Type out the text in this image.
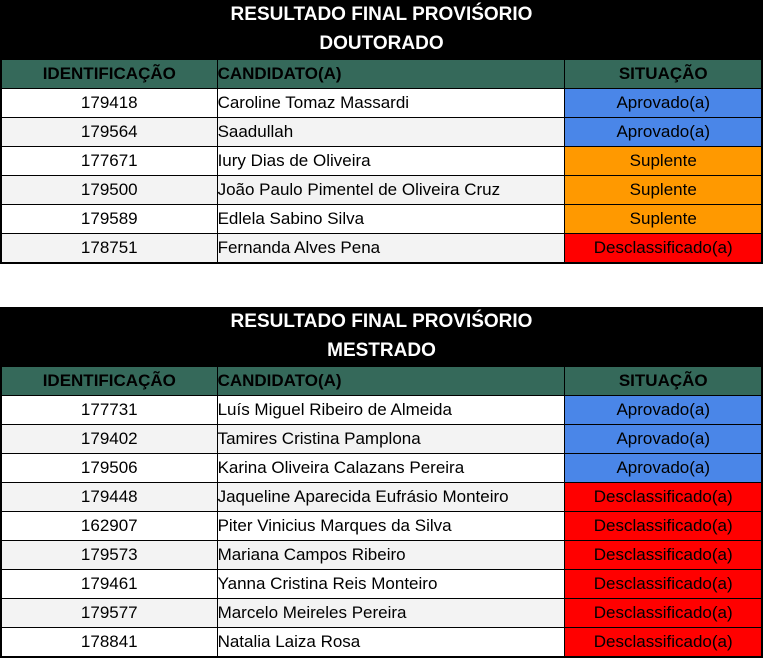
RESULTADO FINAL PROVIŚORIO
DOUTORADO
IDENTIFICAÇÃO	CANDIDATO(A)	SITUAÇÃO
179418	Caroline Tomaz Massardi	Aprovado(a)
179564	Saadullah	Aprovado(a)
177671	Iury Dias de Oliveira	Suplente
179500	João Paulo Pimentel de Oliveira Cruz	Suplente
179589	Edlela Sabino Silva	Suplente
178751	Fernanda Alves Pena	Desclassificado(a)
RESULTADO FINAL PROVIŚORIO
MESTRADO
IDENTIFICAÇÃO	CANDIDATO(A)	SITUAÇÃO
177731	Luís Miguel Ribeiro de Almeida	Aprovado(a)
179402	Tamires Cristina Pamplona	Aprovado(a)
179506	Karina Oliveira Calazans Pereira	Aprovado(a)
179448	Jaqueline Aparecida Eufrásio Monteiro	Desclassificado(a)
162907	Piter Vinicius Marques da Silva	Desclassificado(a)
179573	Mariana Campos Ribeiro	Desclassificado(a)
179461	Yanna Cristina Reis Monteiro	Desclassificado(a)
179577	Marcelo Meireles Pereira	Desclassificado(a)
178841	Natalia Laiza Rosa	Desclassificado(a)
